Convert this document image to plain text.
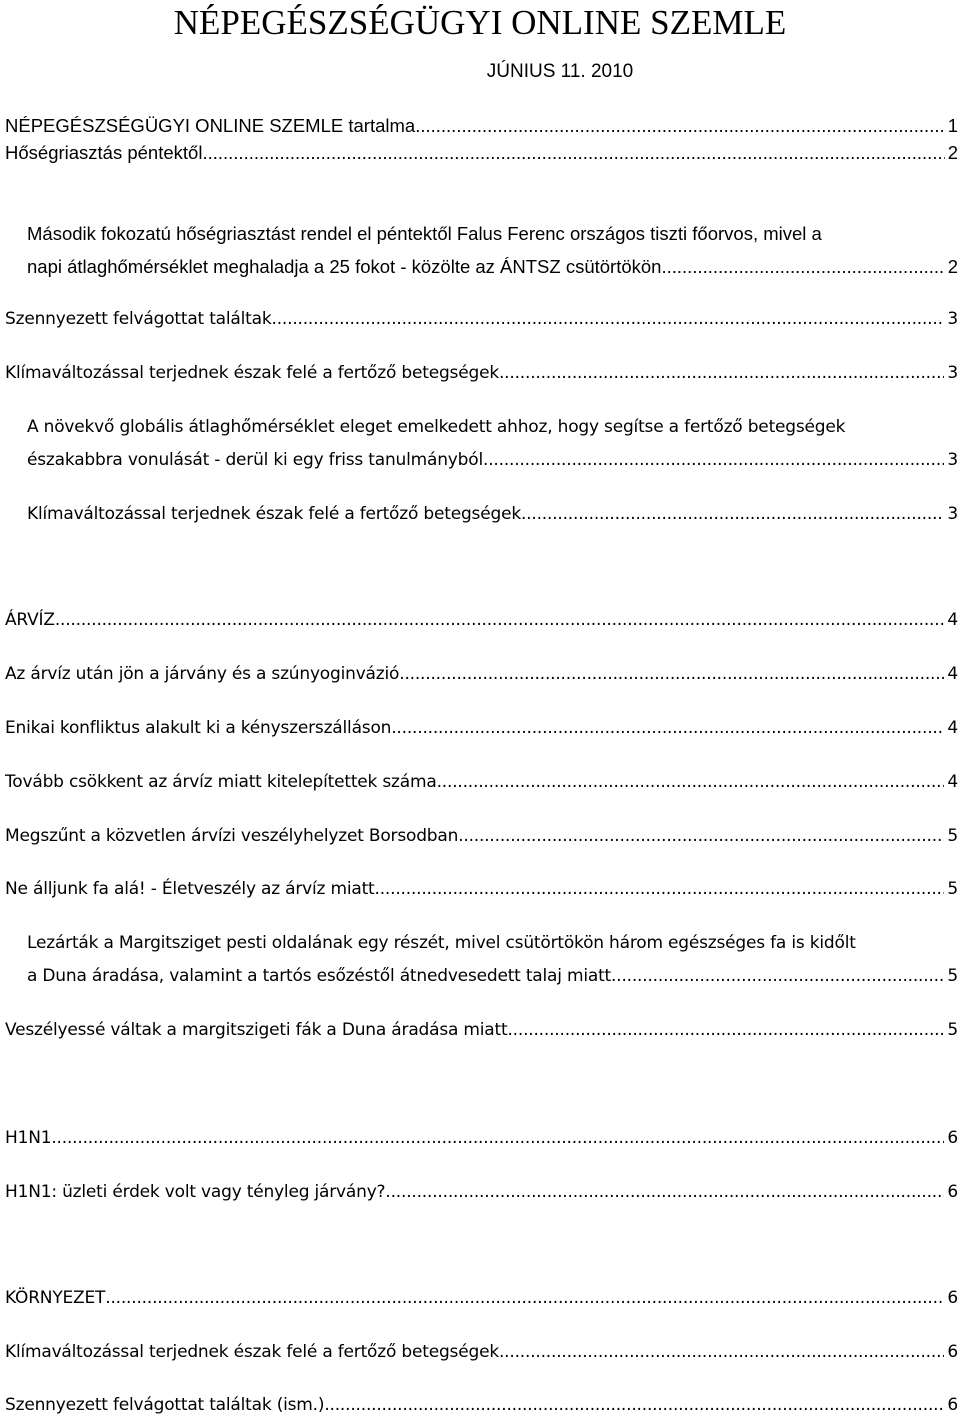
NÉPEGÉSZSÉGÜGYI ONLINE SZEMLE
JÚNIUS 11. 2010
NÉPEGÉSZSÉGÜGYI ONLINE SZEMLE tartalma .....	1
Hőségriasztás péntektől .....	2
Második fokozatú hőségriasztást rendel el péntektől Falus Ferenc országos tiszti főorvos, mivel a
napi átlaghőmérséklet meghaladja a 25 fokot - közölte az ÁNTSZ csütörtökön. .....	2
Szennyezett felvágottat találtak .....	3
Klímaváltozással terjednek észak felé a fertőző betegségek .....	3
A növekvő globális átlaghőmérséklet eleget emelkedett ahhoz, hogy segítse a fertőző betegségek
északabbra vonulását - derül ki egy friss tanulmányból. .....	3
Klímaváltozással terjednek észak felé a fertőző betegségek .....	3
ÁRVÍZ .....	4
Az árvíz után jön a járvány és a szúnyoginvázió .....	4
Enikai konfliktus alakult ki a kényszerszálláson .....	4
Tovább csökkent az árvíz miatt kitelepítettek száma .....	4
Megszűnt a közvetlen árvízi veszélyhelyzet Borsodban .....	5
Ne álljunk fa alá! - Életveszély az árvíz miatt .....	5
Lezárták a Margitsziget pesti oldalának egy részét, mivel csütörtökön három egészséges fa is kidőlt
a Duna áradása, valamint a tartós esőzéstől átnedvesedett talaj miatt .....	5
Veszélyessé váltak a margitszigeti fák a Duna áradása miatt .....	5
H1N1 .....	6
H1N1: üzleti érdek volt vagy tényleg járvány? .....	6
KÖRNYEZET .....	6
Klímaváltozással terjednek észak felé a fertőző betegségek .....	6
Szennyezett felvágottat találtak (ism.) .....	6
